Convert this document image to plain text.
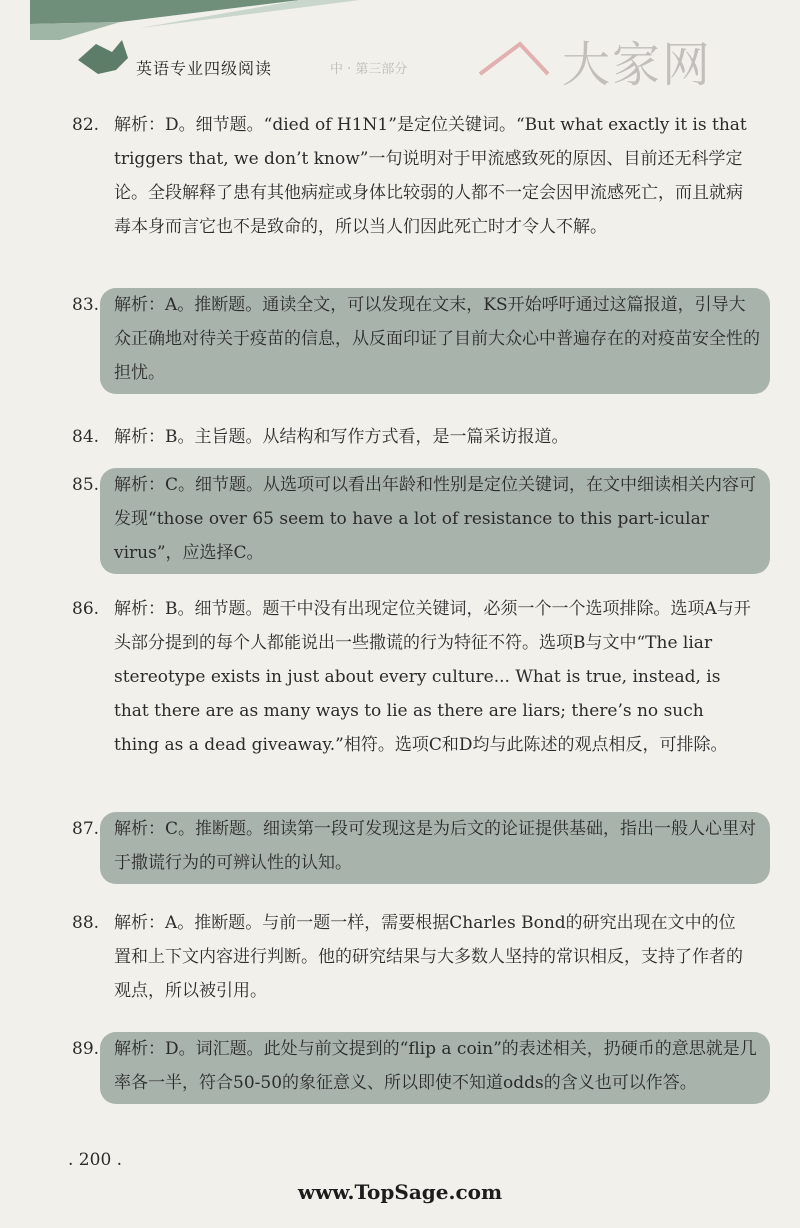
英语专业四级阅读	中 · 第三部分	大家网
82. 解析：D。细节题。“died of H1N1”是定位关键词。“But what exactly it is that triggers that, we don’t know”一句说明对于甲流感致死的原因、目前还无科学定论。全段解释了患有其他病症或身体比较弱的人都不一定会因甲流感死亡，而且就病毒本身而言它也不是致命的，所以当人们因此死亡时才令人不解。
83. 解析：A。推断题。通读全文，可以发现在文末，KS开始呼吁通过这篇报道，引导大众正确地对待关于疫苗的信息，从反面印证了目前大众心中普遍存在的对疫苗安全性的担忧。
84. 解析：B。主旨题。从结构和写作方式看，是一篇采访报道。
85. 解析：C。细节题。从选项可以看出年龄和性别是定位关键词，在文中细读相关内容可发现“those over 65 seem to have a lot of resistance to this part-icular virus”，应选择C。
86. 解析：B。细节题。题干中没有出现定位关键词，必须一个一个选项排除。选项A与开头部分提到的每个人都能说出一些撒谎的行为特征不符。选项B与文中“The liar stereotype exists in just about every culture... What is true, instead, is that there are as many ways to lie as there are liars; there’s no such thing as a dead giveaway.”相符。选项C和D均与此陈述的观点相反，可排除。
87. 解析：C。推断题。细读第一段可发现这是为后文的论证提供基础，指出一般人心里对于撒谎行为的可辨认性的认知。
88. 解析：A。推断题。与前一题一样，需要根据Charles Bond的研究出现在文中的位置和上下文内容进行判断。他的研究结果与大多数人坚持的常识相反，支持了作者的观点，所以被引用。
89. 解析：D。词汇题。此处与前文提到的“flip a coin”的表述相关，扔硬币的意思就是几率各一半，符合50-50的象征意义、所以即使不知道odds的含义也可以作答。
. 200 .
www.TopSage.com
